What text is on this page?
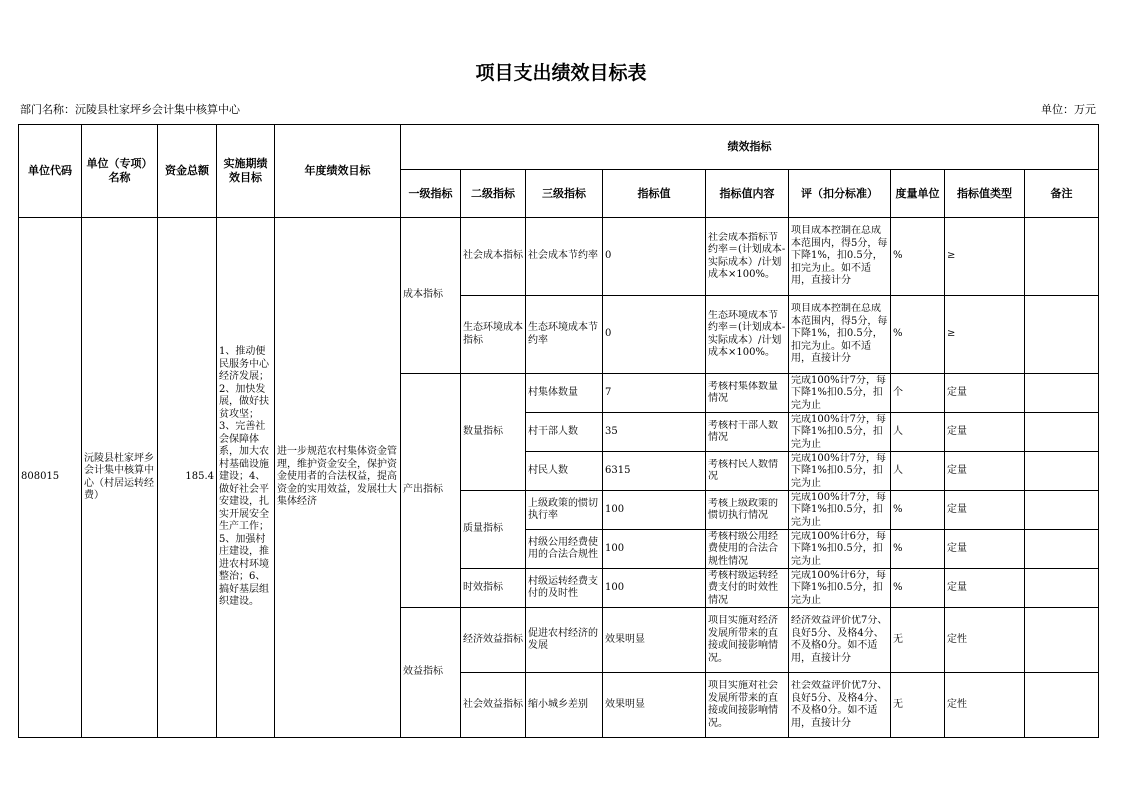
项目支出绩效目标表
部门名称：沅陵县杜家坪乡会计集中核算中心	单位：万元
单位代码	单位（专项）名称	资金总额	实施期绩效目标	年度绩效目标	绩效指标								
					一级指标	二级指标	三级指标	指标值	指标值内容	评（扣分标准）	度量单位	指标值类型	备注
808015	沅陵县杜家坪乡会计集中核算中心（村居运转经费）	185.4	1、推动便民服务中心经济发展；2、加快发展，做好扶贫攻坚；3、完善社会保障体系，加大农村基础设施建设；4、做好社会平安建设，扎实开展安全生产工作；5、加强村庄建设，推进农村环境整治；6、搞好基层组织建设。	进一步规范农村集体资金管理，维护资金安全，保护资金使用者的合法权益，提高资金的实用效益，发展壮大集体经济	成本指标	社会成本指标	社会成本节约率	0	社会成本指标节约率＝(计划成本-实际成本）/计划成本×100%。	项目成本控制在总成本范围内，得5分，每下降1%，扣0.5分，扣完为止。如不适用，直接计分	%	≥	
						生态环境成本指标	生态环境成本节约率	0	生态环境成本节约率＝(计划成本-实际成本）/计划成本×100%。	项目成本控制在总成本范围内，得5分，每下降1%，扣0.5分，扣完为止。如不适用，直接计分	%	≥	
					产出指标	数量指标	村集体数量	7	考核村集体数量情况	完成100%计7分，每下降1%扣0.5分，扣完为止	个	定量	
							村干部人数	35	考核村干部人数情况	完成100%计7分，每下降1%扣0.5分，扣完为止	人	定量	
							村民人数	6315	考核村民人数情况	完成100%计7分，每下降1%扣0.5分，扣完为止	人	定量	
						质量指标	上级政策的惯切执行率	100	考核上级政策的惯切执行情况	完成100%计7分，每下降1%扣0.5分，扣完为止	%	定量	
							村级公用经费使用的合法合规性	100	考核村级公用经费使用的合法合规性情况	完成100%计6分，每下降1%扣0.5分，扣完为止	%	定量	
						时效指标	村级运转经费支付的及时性	100	考核村级运转经费支付的时效性情况	完成100%计6分，每下降1%扣0.5分，扣完为止	%	定量	
					效益指标	经济效益指标	促进农村经济的发展	效果明显	项目实施对经济发展所带来的直接或间接影响情况。	经济效益评价优7分、良好5分、及格4分、不及格0分。如不适用，直接计分	无	定性	
						社会效益指标	缩小城乡差别	效果明显	项目实施对社会发展所带来的直接或间接影响情况。	社会效益评价优7分、良好5分、及格4分、不及格0分。如不适用，直接计分	无	定性	
